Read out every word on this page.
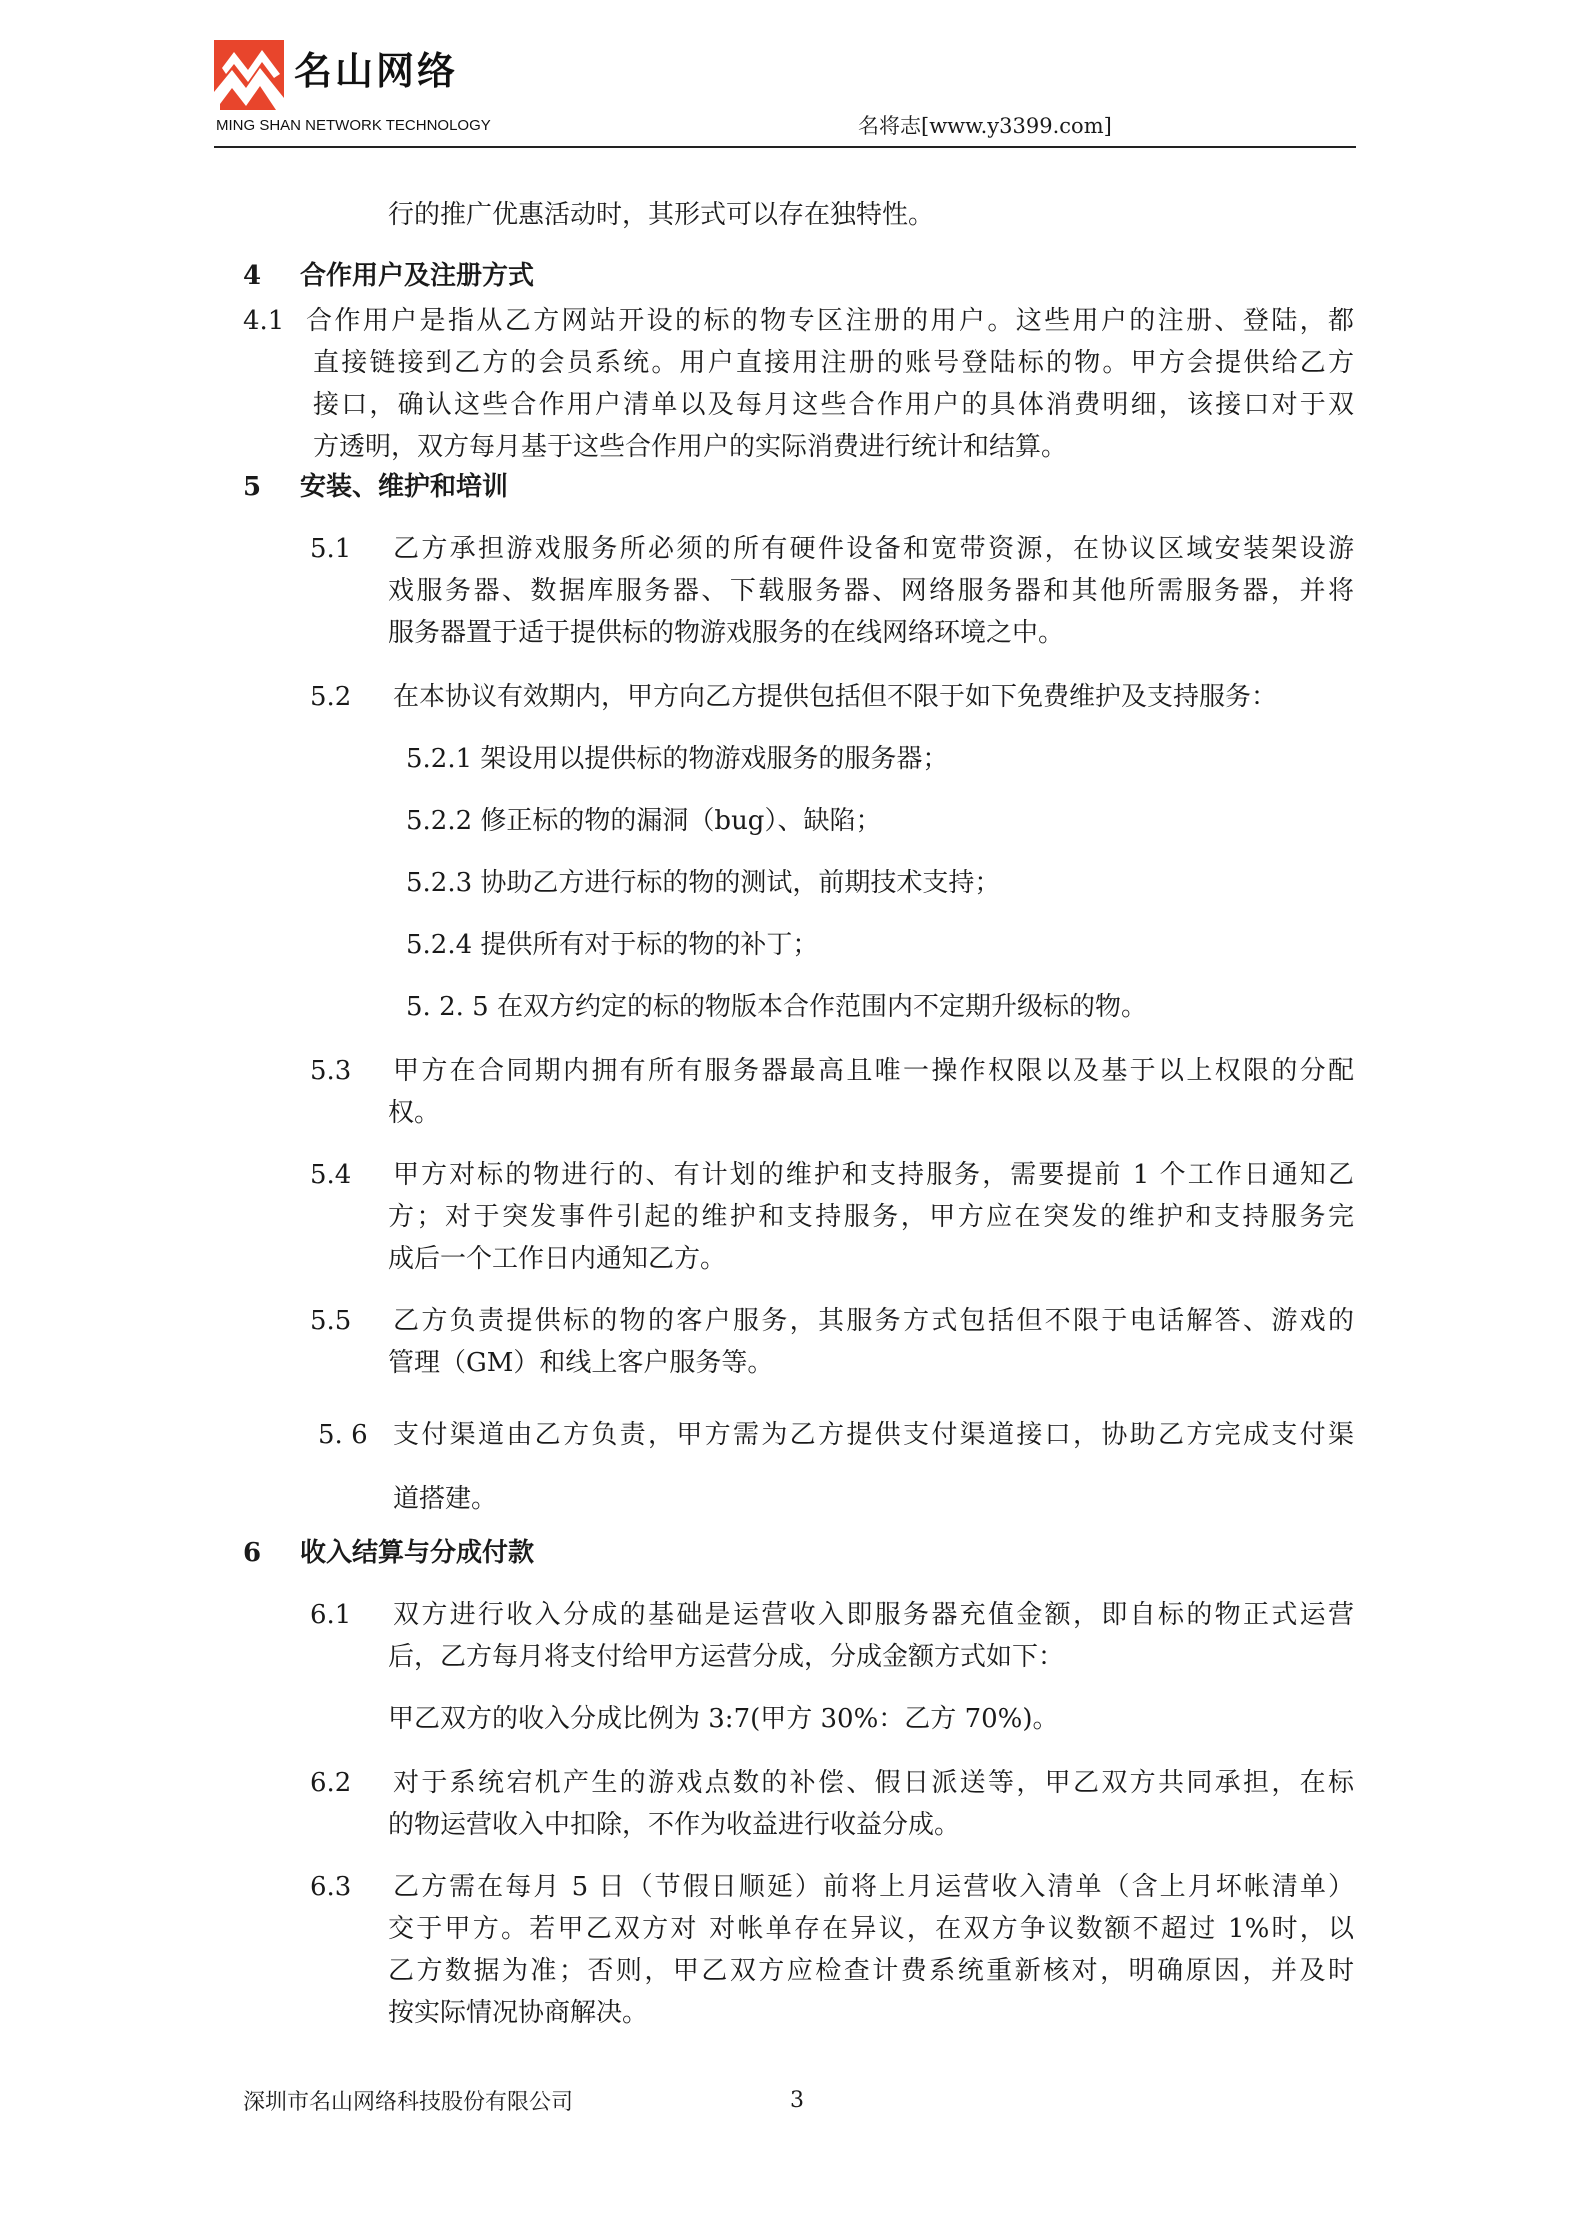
名山网络
MING SHAN NETWORK TECHNOLOGY	名将志[www.y3399.com]
行的推广优惠活动时，其形式可以存在独特性。
4 合作用户及注册方式
4.1 合作用户是指从乙方网站开设的标的物专区注册的用户。这些用户的注册、登陆，都
直接链接到乙方的会员系统。用户直接用注册的账号登陆标的物。甲方会提供给乙方
接口，确认这些合作用户清单以及每月这些合作用户的具体消费明细，该接口对于双
方透明，双方每月基于这些合作用户的实际消费进行统计和结算。
5 安装、维护和培训
5.1 乙方承担游戏服务所必须的所有硬件设备和宽带资源，在协议区域安装架设游
戏服务器、数据库服务器、下载服务器、网络服务器和其他所需服务器，并将
服务器置于适于提供标的物游戏服务的在线网络环境之中。
5.2 在本协议有效期内，甲方向乙方提供包括但不限于如下免费维护及支持服务：
5.2.1 架设用以提供标的物游戏服务的服务器；
5.2.2 修正标的物的漏洞（bug）、缺陷；
5.2.3 协助乙方进行标的物的测试，前期技术支持；
5.2.4 提供所有对于标的物的补丁；
5. 2. 5 在双方约定的标的物版本合作范围内不定期升级标的物。
5.3 甲方在合同期内拥有所有服务器最高且唯一操作权限以及基于以上权限的分配
权。
5.4 甲方对标的物进行的、有计划的维护和支持服务，需要提前 1 个工作日通知乙
方；对于突发事件引起的维护和支持服务，甲方应在突发的维护和支持服务完
成后一个工作日内通知乙方。
5.5 乙方负责提供标的物的客户服务，其服务方式包括但不限于电话解答、游戏的
管理（GM）和线上客户服务等。
5. 6 支付渠道由乙方负责，甲方需为乙方提供支付渠道接口，协助乙方完成支付渠
道搭建。
6 收入结算与分成付款
6.1 双方进行收入分成的基础是运营收入即服务器充值金额，即自标的物正式运营
后，乙方每月将支付给甲方运营分成，分成金额方式如下：
甲乙双方的收入分成比例为 3:7(甲方 30%：乙方 70%)。
6.2 对于系统宕机产生的游戏点数的补偿、假日派送等，甲乙双方共同承担，在标
的物运营收入中扣除，不作为收益进行收益分成。
6.3 乙方需在每月 5 日（节假日顺延）前将上月运营收入清单（含上月坏帐清单）
交于甲方。若甲乙双方对 对帐单存在异议，在双方争议数额不超过 1%时，以
乙方数据为准；否则，甲乙双方应检查计费系统重新核对，明确原因，并及时
按实际情况协商解决。
深圳市名山网络科技股份有限公司	3
